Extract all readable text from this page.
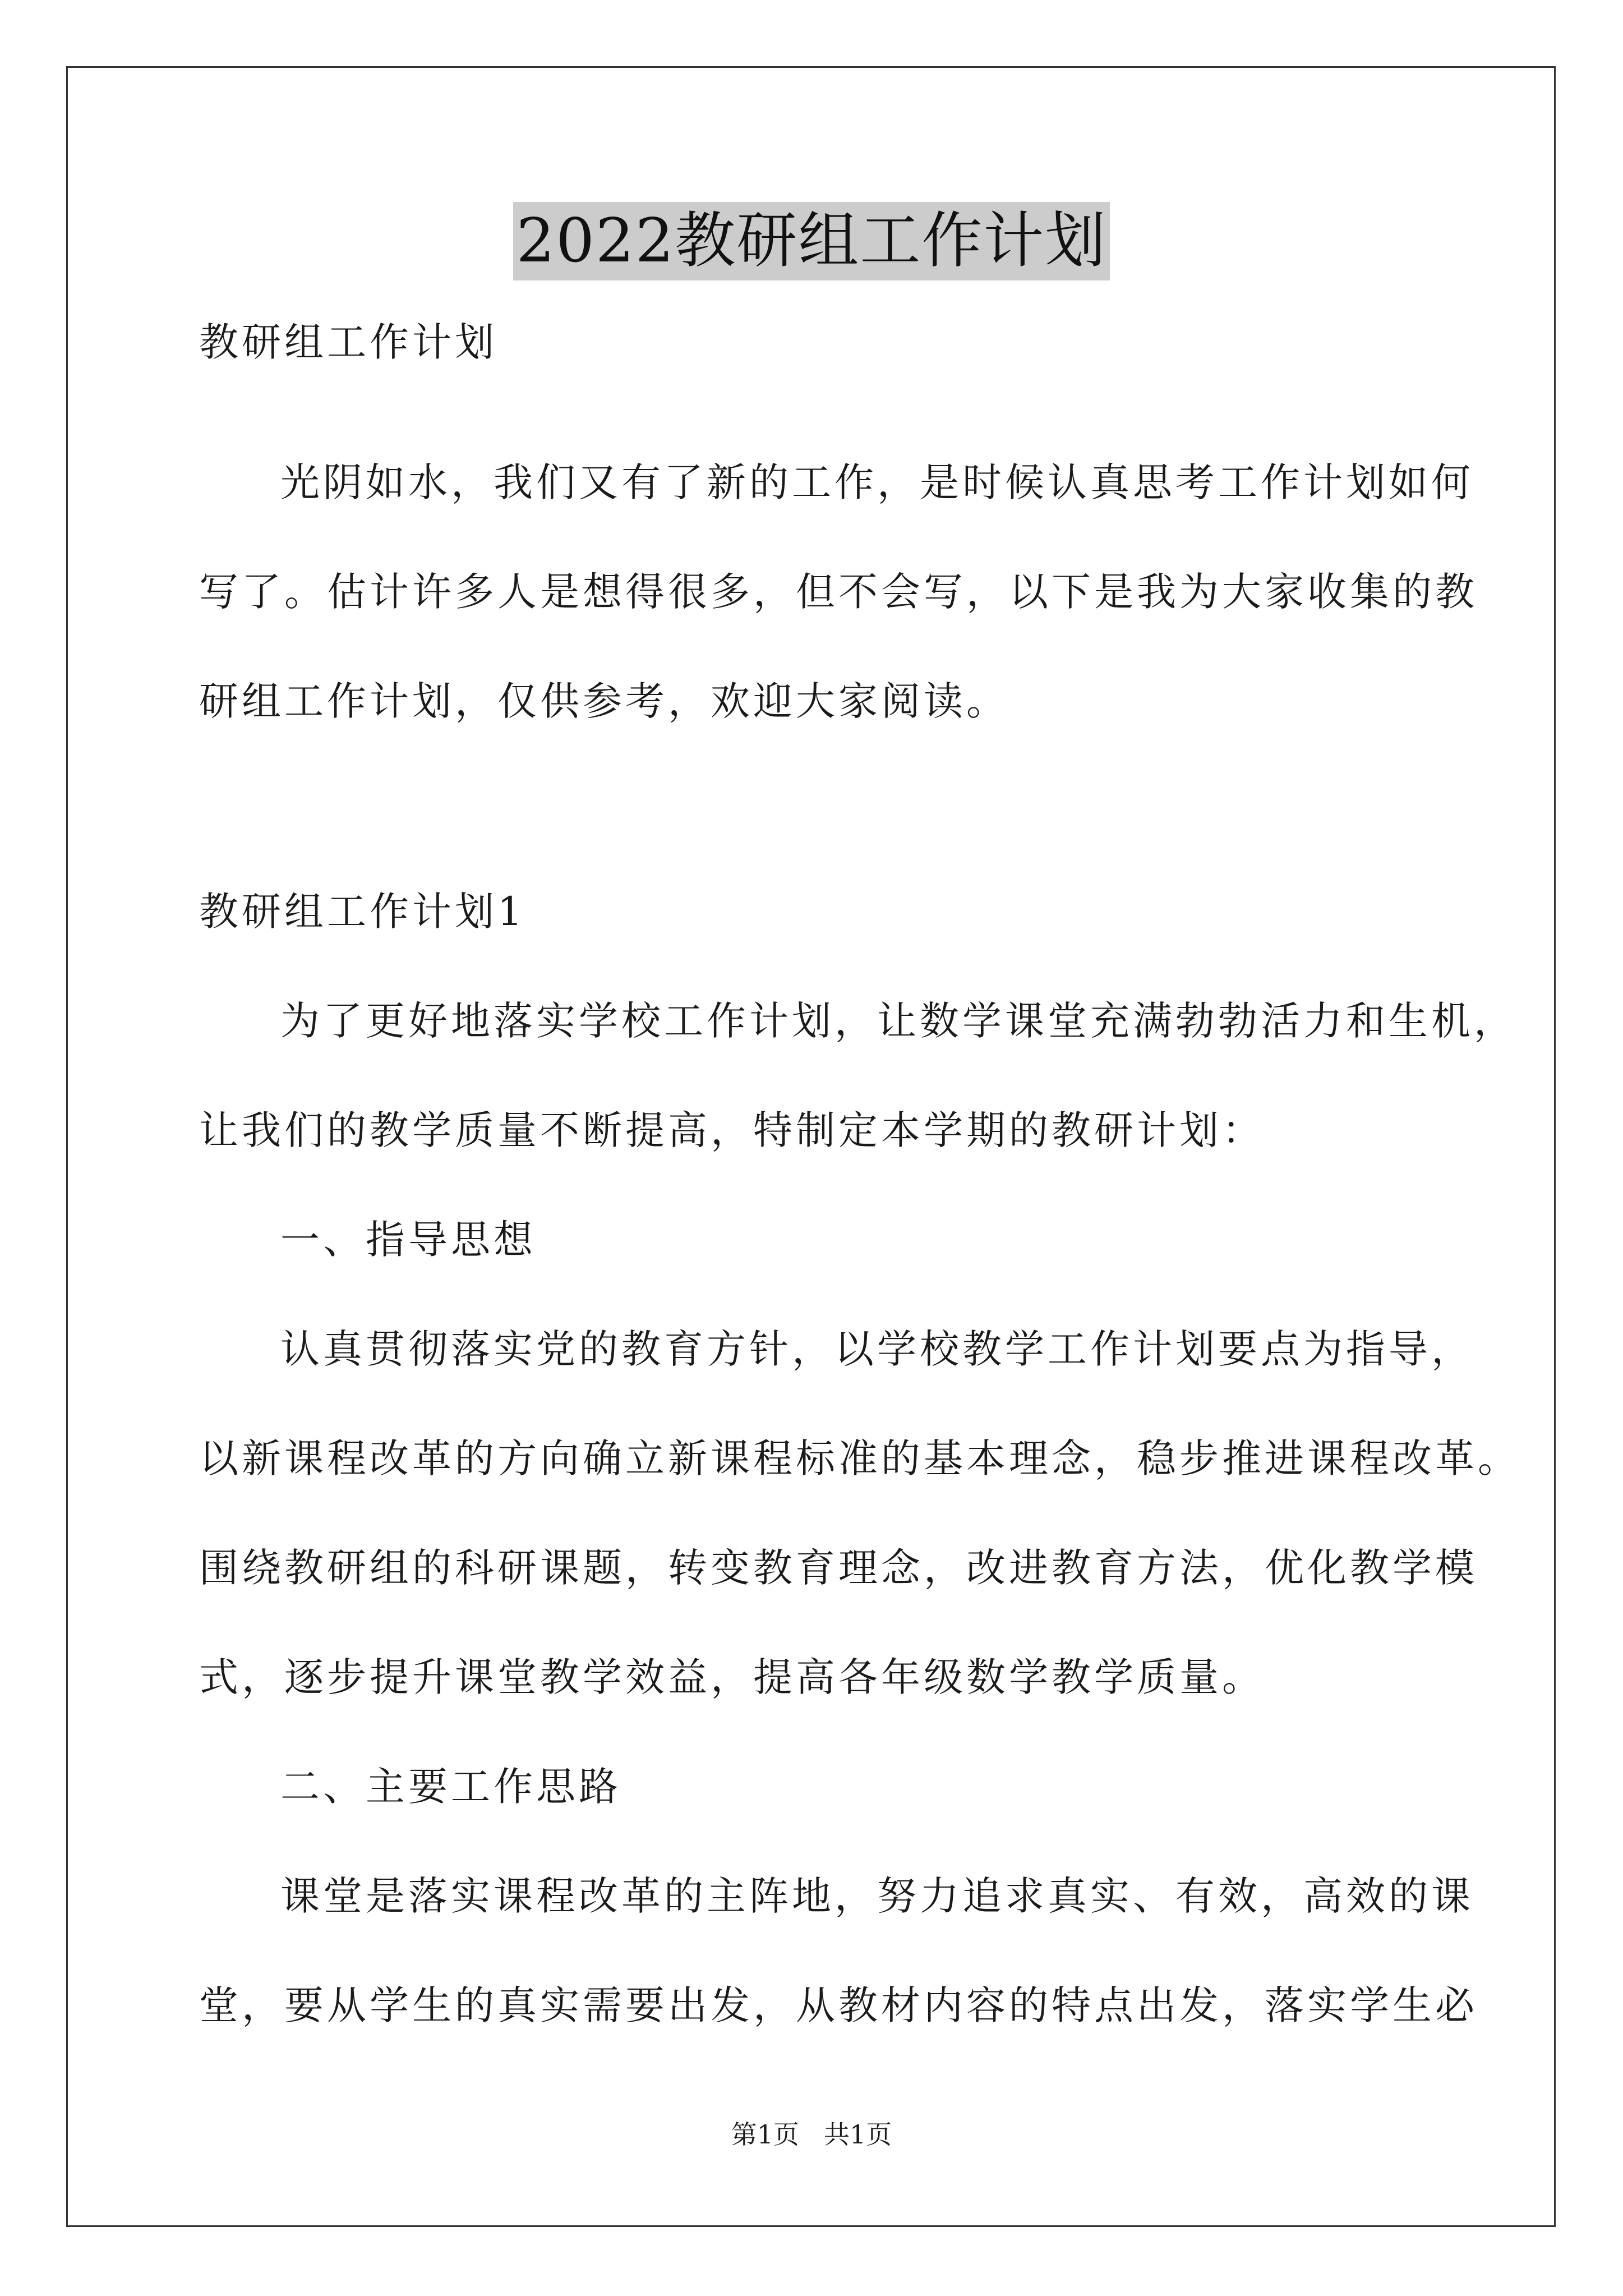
2022教研组工作计划
教研组工作计划
光阴如水，我们又有了新的工作，是时候认真思考工作计划如何
写了。估计许多人是想得很多，但不会写，以下是我为大家收集的教
研组工作计划，仅供参考，欢迎大家阅读。
教研组工作计划1
为了更好地落实学校工作计划，让数学课堂充满勃勃活力和生机，
让我们的教学质量不断提高，特制定本学期的教研计划：
一、指导思想
认真贯彻落实党的教育方针，以学校教学工作计划要点为指导，
以新课程改革的方向确立新课程标准的基本理念，稳步推进课程改革。
围绕教研组的科研课题，转变教育理念，改进教育方法，优化教学模
式，逐步提升课堂教学效益，提高各年级数学教学质量。
二、主要工作思路
课堂是落实课程改革的主阵地，努力追求真实、有效，高效的课
堂，要从学生的真实需要出发，从教材内容的特点出发，落实学生必
第1页 共1页
